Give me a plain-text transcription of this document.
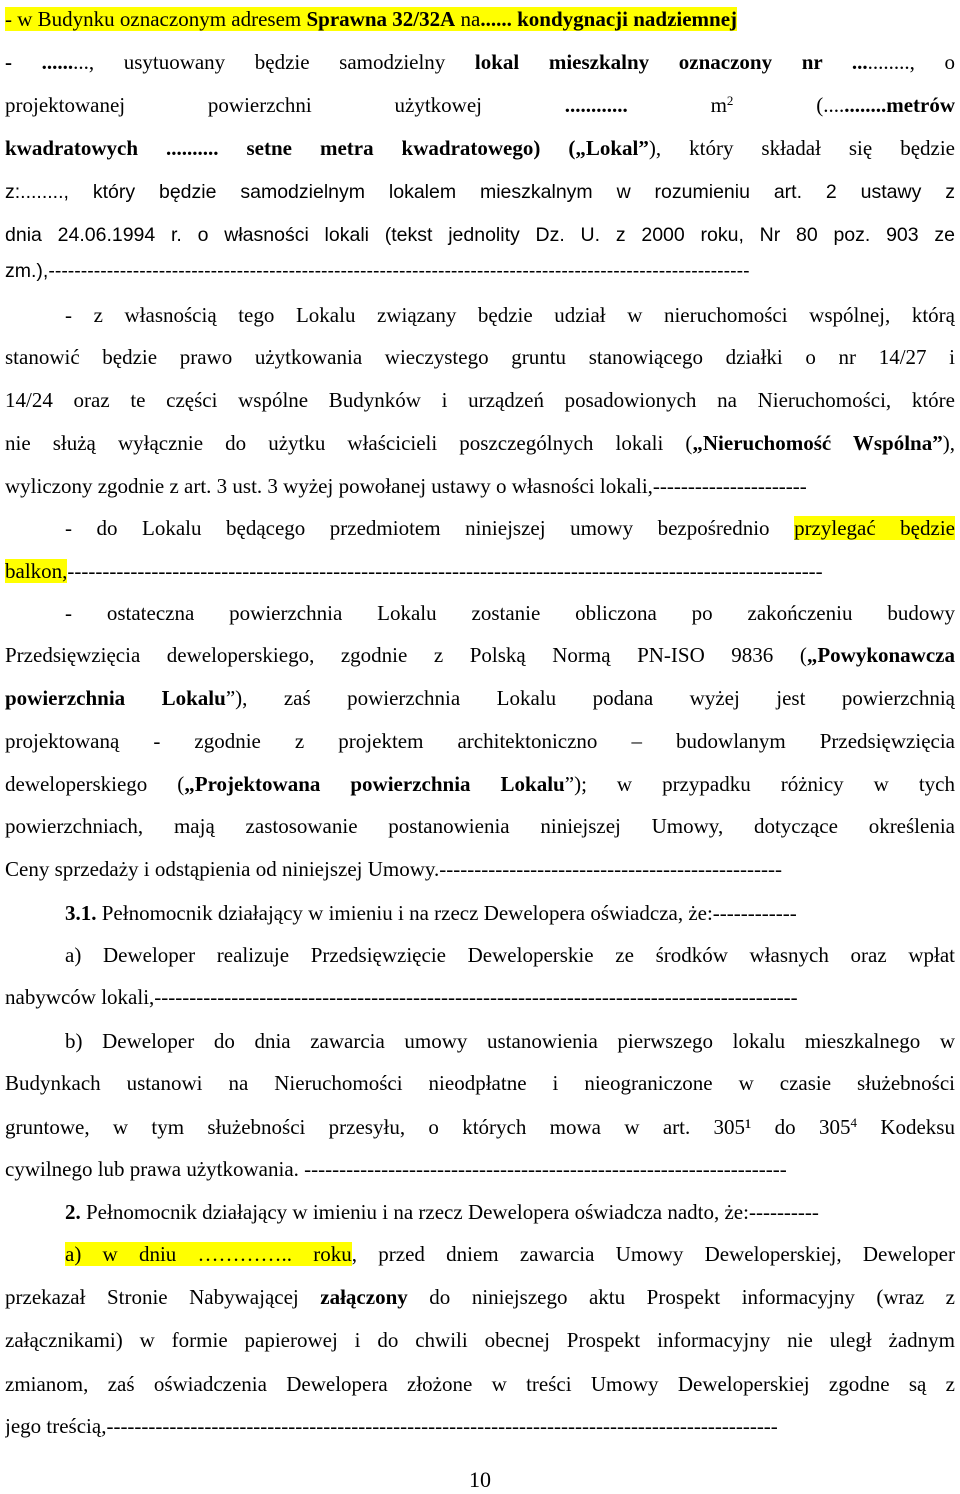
- w Budynku oznaczonym adresem Sprawna 32/32A na...... kondygnacji nadziemnej
- ........., usytuowany będzie samodzielny lokal mieszkalny oznaczony nr ..........., o
projektowanej powierzchni użytkowej ............ $m^2$ (............metrów
kwadratowych .......... setne metra kwadratowego) („Lokal”), który składał się będzie
z:........, który będzie samodzielnym lokalem mieszkalnym w rozumieniu art. 2 ustawy z
dnia 24.06.1994 r. o własności lokali (tekst jednolity Dz. U. z 2000 roku, Nr 80 poz. 903 ze
zm.),------------------------------------------------------------------------------------------------------------
- z własnością tego Lokalu związany będzie udział w nieruchomości wspólnej, którą
stanowić będzie prawo użytkowania wieczystego gruntu stanowiącego działki o nr 14/27 i
14/24 oraz te części wspólne Budynków i urządzeń posadowionych na Nieruchomości, które
nie służą wyłącznie do użytku właścicieli poszczególnych lokali („Nieruchomość Wspólna”),
wyliczony zgodnie z art. 3 ust. 3 wyżej powołanej ustawy o własności lokali,----------------------
- do Lokalu będącego przedmiotem niniejszej umowy bezpośrednio przylegać będzie
balkon,------------------------------------------------------------------------------------------------------------
- ostateczna powierzchnia Lokalu zostanie obliczona po zakończeniu budowy
Przedsięwzięcia deweloperskiego, zgodnie z Polską Normą PN-ISO 9836 („Powykonawcza
powierzchnia Lokalu”), zaś powierzchnia Lokalu podana wyżej jest powierzchnią
projektowaną - zgodnie z projektem architektoniczno – budowlanym Przedsięwzięcia
deweloperskiego („Projektowana powierzchnia Lokalu”); w przypadku różnicy w tych
powierzchniach, mają zastosowanie postanowienia niniejszej Umowy, dotyczące określenia
Ceny sprzedaży i odstąpienia od niniejszej Umowy.-------------------------------------------------
3.1. Pełnomocnik działający w imieniu i na rzecz Dewelopera oświadcza, że:------------
a) Deweloper realizuje Przedsięwzięcie Deweloperskie ze środków własnych oraz wpłat
nabywców lokali,--------------------------------------------------------------------------------------------
b) Deweloper do dnia zawarcia umowy ustanowienia pierwszego lokalu mieszkalnego w
Budynkach ustanowi na Nieruchomości nieodpłatne i nieograniczone w czasie służebności
gruntowe, w tym służebności przesyłu, o których mowa w art. 305¹ do $305^4$ Kodeksu
cywilnego lub prawa użytkowania. ---------------------------------------------------------------------
2. Pełnomocnik działający w imieniu i na rzecz Dewelopera oświadcza nadto, że:----------
a) w dniu ………….. roku, przed dniem zawarcia Umowy Deweloperskiej, Deweloper
przekazał Stronie Nabywającej załączony do niniejszego aktu Prospekt informacyjny (wraz z
załącznikami) w formie papierowej i do chwili obecnej Prospekt informacyjny nie uległ żadnym
zmianom, zaś oświadczenia Dewelopera złożone w treści Umowy Deweloperskiej zgodne są z
jego treścią,------------------------------------------------------------------------------------------------
10
